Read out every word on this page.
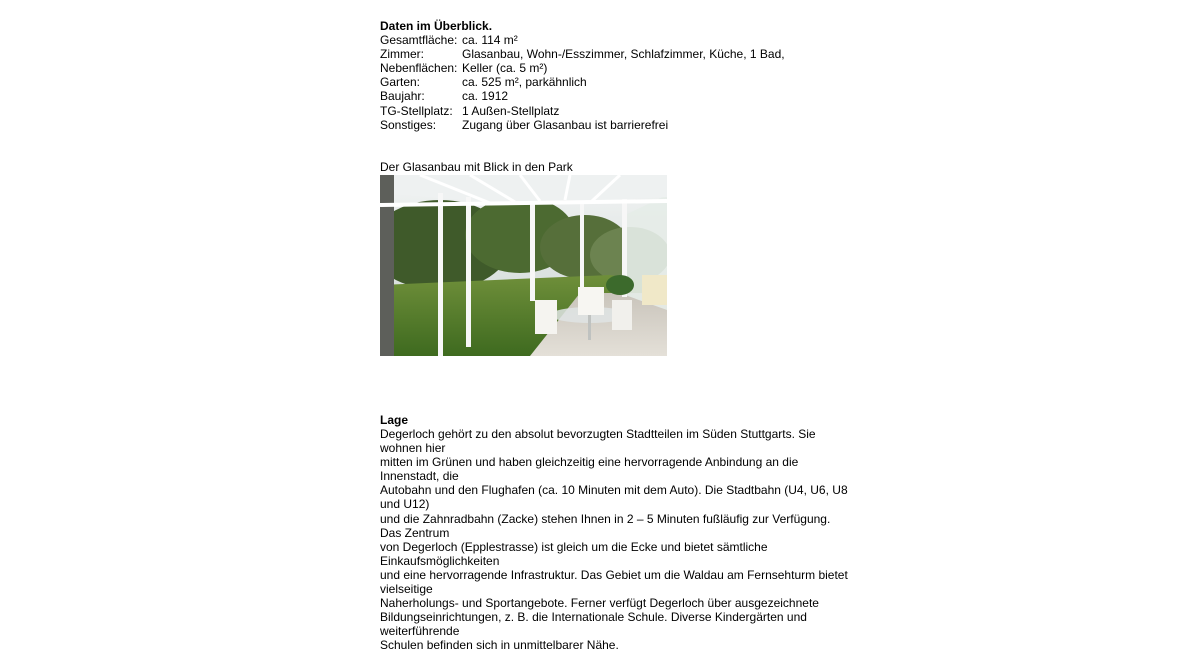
Daten im Überblick.
Gesamtfläche: ca. 114 m²
Zimmer:	Glasanbau, Wohn-/Esszimmer, Schlafzimmer, Küche, 1 Bad,
Nebenflächen: Keller (ca. 5 m²)
Garten:	ca. 525 m², parkähnlich
Baujahr:	ca. 1912
TG-Stellplatz: 1 Außen-Stellplatz
Sonstiges: Zugang über Glasanbau ist barrierefrei
Der Glasanbau mit Blick in den Park
Lage
Degerloch gehört zu den absolut bevorzugten Stadtteilen im Süden Stuttgarts. Sie wohnen hier
mitten im Grünen und haben gleichzeitig eine hervorragende Anbindung an die Innenstadt, die
Autobahn und den Flughafen (ca. 10 Minuten mit dem Auto). Die Stadtbahn (U4, U6, U8 und U12)
und die Zahnradbahn (Zacke) stehen Ihnen in 2 – 5 Minuten fußläufig zur Verfügung. Das Zentrum
von Degerloch (Epplestrasse) ist gleich um die Ecke und bietet sämtliche Einkaufsmöglichkeiten
und eine hervorragende Infrastruktur. Das Gebiet um die Waldau am Fernsehturm bietet vielseitige
Naherholungs- und Sportangebote. Ferner verfügt Degerloch über ausgezeichnete
Bildungseinrichtungen, z. B. die Internationale Schule. Diverse Kindergärten und weiterführende
Schulen befinden sich in unmittelbarer Nähe.
